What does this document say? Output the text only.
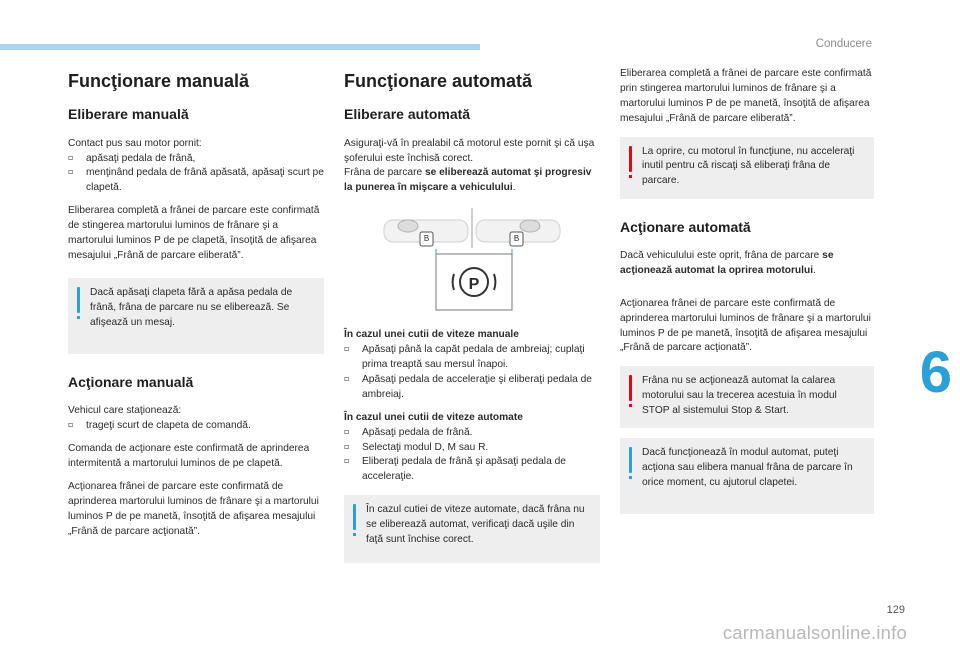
Conducere
6
Funcţionare manuală
Eliberare manuală

Contact pus sau motor pornit:

▫ apăsaţi pedala de frână,
▫ menţinând pedala de frână apăsată, apăsaţi scurt pe clapetă.

Eliberarea completă a frânei de parcare este confirmată de stingerea martorului luminos de frânare şi a martorului luminos P de pe clapetă, însoţită de afişarea mesajului „Frână de parcare eliberată”.

Dacă apăsaţi clapeta fără a apăsa pedala de frână, frâna de parcare nu se eliberează. Se afişează un mesaj.
Acţionare manuală

Vehicul care staţionează:

▫ trageţi scurt de clapeta de comandă.

Comanda de acţionare este confirmată de aprinderea intermitentă a martorului luminos de pe clapetă.

Acţionarea frânei de parcare este confirmată de aprinderea martorului luminos de frânare şi a martorului luminos P de pe manetă, însoţită de afişarea mesajului „Frână de parcare acţionată”.

Funcţionare automată
Eliberare automată

Asiguraţi-vă în prealabil că motorul este pornit şi că uşa şoferului este închisă corect.

Frâna de parcare se eliberează automat şi progresiv la punerea în mişcare a vehiculului.

B	B
P

În cazul unei cutii de viteze manuale

▫ Apăsaţi până la capăt pedala de ambreiaj; cuplaţi prima treaptă sau mersul înapoi.
▫ Apăsaţi pedala de acceleraţie şi eliberaţi pedala de ambreiaj.

În cazul unei cutii de viteze automate

▫ Apăsaţi pedala de frână.
▫ Selectaţi modul D, M sau R.
▫ Eliberaţi pedala de frână şi apăsaţi pedala de acceleraţie.
În cazul cutiei de viteze automate, dacă frâna nu se eliberează automat, verificaţi dacă uşile din faţă sunt închise corect.

Eliberarea completă a frânei de parcare este confirmată prin stingerea martorului luminos de frânare şi a martorului luminos P de pe manetă, însoţită de afişarea mesajului „Frână de parcare eliberată”.

La oprire, cu motorul în funcţiune, nu acceleraţi inutil pentru că riscaţi să eliberaţi frâna de parcare.
Acţionare automată

Dacă vehiculului este oprit, frâna de parcare se acţionează automat la oprirea motorului.

Acţionarea frânei de parcare este confirmată de aprinderea martorului luminos de frânare şi a martorului luminos P de pe manetă, însoţită de afişarea mesajului „Frână de parcare acţionată”.

Frâna nu se acţionează automat la calarea motorului sau la trecerea acestuia în modul STOP al sistemului Stop & Start.
Dacă funcţionează în modul automat, puteţi acţiona sau elibera manual frâna de parcare în orice moment, cu ajutorul clapetei.
129
carmanualsonline.info
